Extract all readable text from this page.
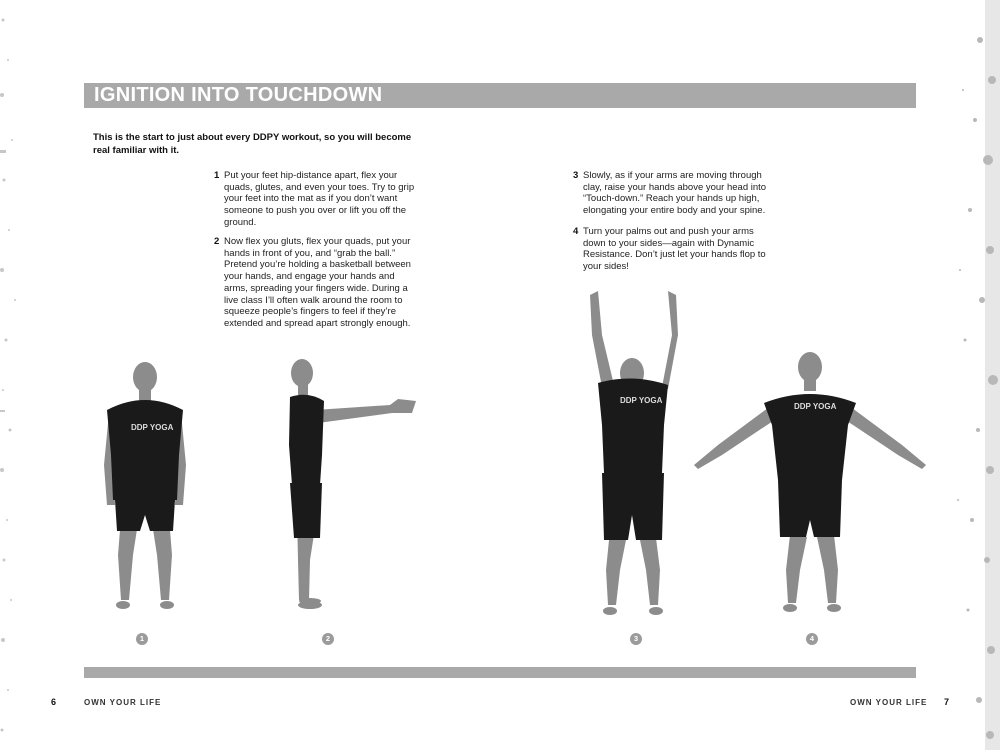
IGNITION INTO TOUCHDOWN
This is the start to just about every DDPY workout, so you will become real familiar with it.
1 Put your feet hip-distance apart, flex your quads, glutes, and even your toes. Try to grip your feet into the mat as if you don’t want someone to push you over or lift you off the ground.
2 Now flex you gluts, flex your quads, put your hands in front of you, and “grab the ball.” Pretend you’re holding a basketball between your hands, and engage your hands and arms, spreading your fingers wide. During a live class I’ll often walk around the room to squeeze people’s fingers to feel if they’re extended and spread apart strongly enough.
3 Slowly, as if your arms are moving through clay, raise your hands above your head into “Touch-down.” Reach your hands up high, elongating your entire body and your spine.
4 Turn your palms out and push your arms down to your sides—again with Dynamic Resistance. Don’t just let your hands flop to your sides!
DDP YOGA
DDP YOGA
DDP YOGA
1	2	3	4
6	OWN YOUR LIFE	OWN YOUR LIFE 7
